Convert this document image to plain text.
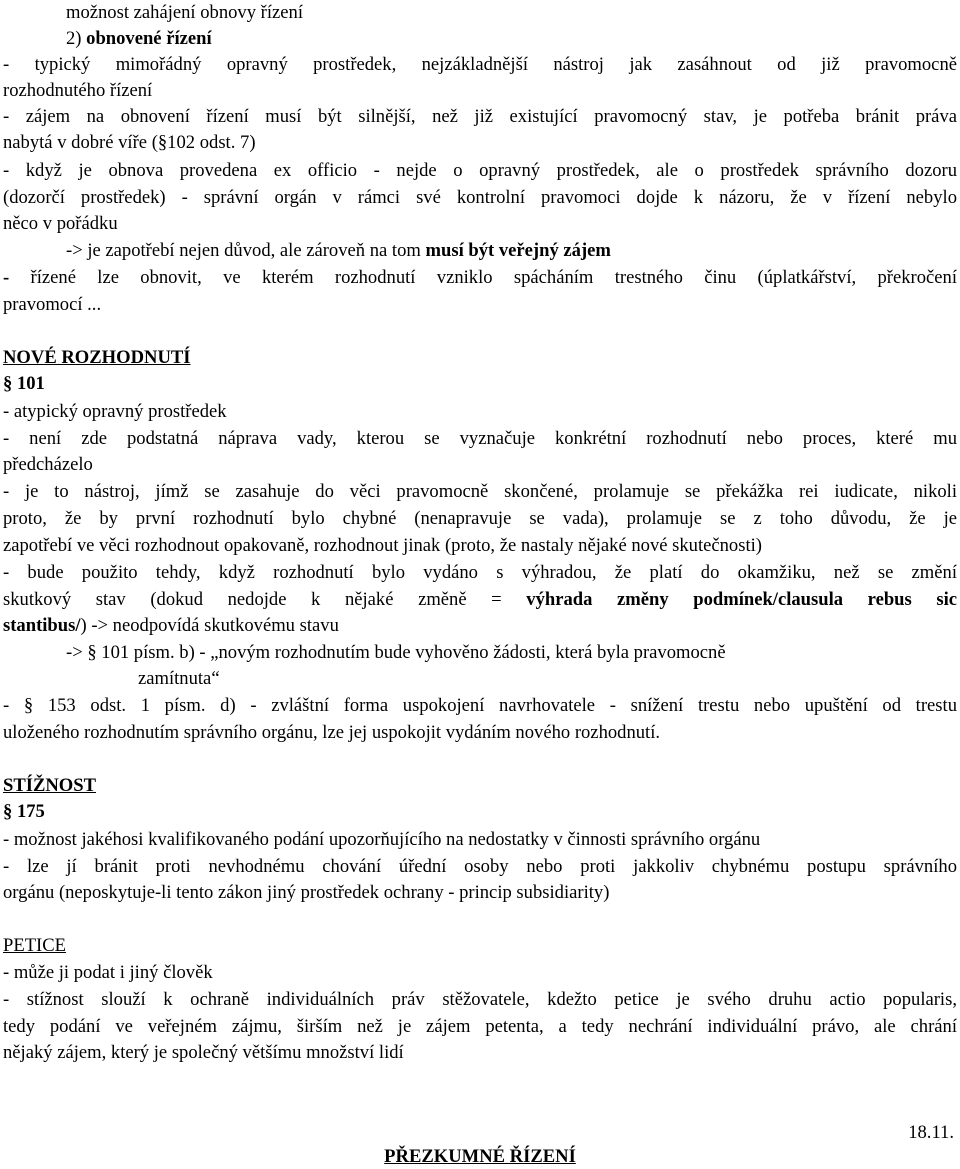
možnost zahájení obnovy řízení
2) obnovené řízení
- typický mimořádný opravný prostředek, nejzákladnější nástroj jak zasáhnout od již pravomocně
rozhodnutého řízení
- zájem na obnovení řízení musí být silnější, než již existující pravomocný stav, je potřeba bránit práva
nabytá v dobré víře (§102 odst. 7)
- když je obnova provedena ex officio - nejde o opravný prostředek, ale o prostředek správního dozoru
(dozorčí prostředek) - správní orgán v rámci své kontrolní pravomoci dojde k názoru, že v řízení nebylo
něco v pořádku
-> je zapotřebí nejen důvod, ale zároveň na tom musí být veřejný zájem
- řízené lze obnovit, ve kterém rozhodnutí vzniklo spácháním trestného činu (úplatkářství, překročení
pravomocí ...
NOVÉ ROZHODNUTÍ
§ 101
- atypický opravný prostředek
- není zde podstatná náprava vady, kterou se vyznačuje konkrétní rozhodnutí nebo proces, které mu
předcházelo
- je to nástroj, jímž se zasahuje do věci pravomocně skončené, prolamuje se překážka rei iudicate, nikoli
proto, že by první rozhodnutí bylo chybné (nenapravuje se vada), prolamuje se z toho důvodu, že je
zapotřebí ve věci rozhodnout opakovaně, rozhodnout jinak (proto, že nastaly nějaké nové skutečnosti)
- bude použito tehdy, když rozhodnutí bylo vydáno s výhradou, že platí do okamžiku, než se změní
skutkový stav (dokud nedojde k nějaké změně = výhrada změny podmínek/clausula rebus sic
stantibus/) -> neodpovídá skutkovému stavu
-> § 101 písm. b) - „novým rozhodnutím bude vyhověno žádosti, která byla pravomocně
zamítnuta“
- § 153 odst. 1 písm. d) - zvláštní forma uspokojení navrhovatele - snížení trestu nebo upuštění od trestu
uloženého rozhodnutím správního orgánu, lze jej uspokojit vydáním nového rozhodnutí.
STÍŽNOST
§ 175
- možnost jakéhosi kvalifikovaného podání upozorňujícího na nedostatky v činnosti správního orgánu
- lze jí bránit proti nevhodnému chování úřední osoby nebo proti jakkoliv chybnému postupu správního
orgánu (neposkytuje-li tento zákon jiný prostředek ochrany - princip subsidiarity)
PETICE
- může ji podat i jiný člověk
- stížnost slouží k ochraně individuálních práv stěžovatele, kdežto petice je svého druhu actio popularis,
tedy podání ve veřejném zájmu, širším než je zájem petenta, a tedy nechrání individuální právo, ale chrání
nějaký zájem, který je společný většímu množství lidí
18.11.
PŘEZKUMNÉ ŘÍZENÍ
